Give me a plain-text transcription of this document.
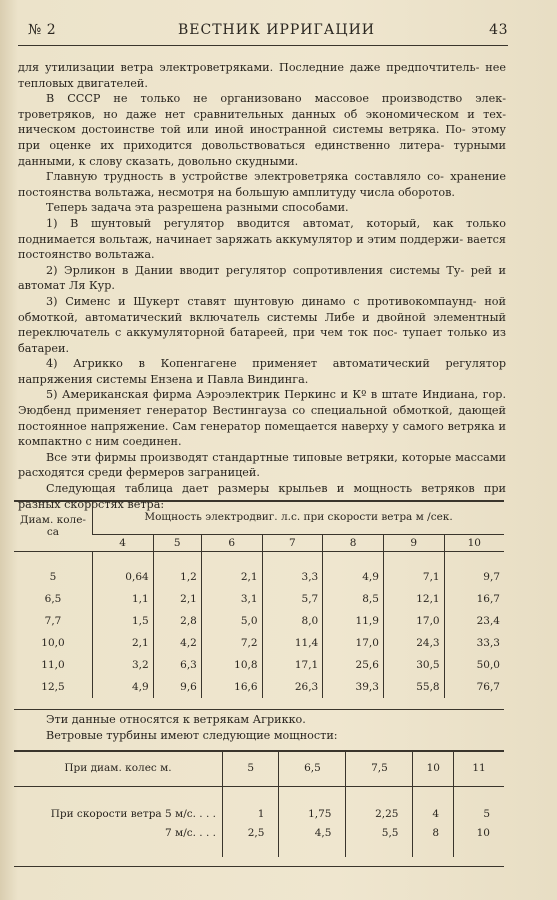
№ 2	ВЕСТНИК ИРРИГАЦИИ	43

для утилизации ветра электроветряками. Последние даже предпочтитель- нее тепловых двигателей.

В СССР не только не организовано массовое производство элек- троветряков, но даже нет сравнительных данных об экономическом и тех- ническом достоинстве той или иной иностранной системы ветряка. По- этому при оценке их приходится довольствоваться единственно литера- турными данными, к слову сказать, довольно скудными.

Главную трудность в устройстве электроветряка составляло со- хранение постоянства вольтажа, несмотря на большую амплитуду числа оборотов.

Теперь задача эта разрешена разными способами.

1) В шунтовый регулятор вводится автомат, который, как только поднимается вольтаж, начинает заряжать аккумулятор и этим поддержи- вается постоянство вольтажа.

2) Эрликон в Дании вводит регулятор сопротивления системы Ту- рей и автомат Ля Кур.

3) Сименс и Шукерт ставят шунтовую динамо с противокомпаунд- ной обмоткой, автоматический включатель системы Либе и двойной элементный переключатель с аккумуляторной батареей, при чем ток пос- тупает только из батареи.

4) Агрикко в Копенгагене применяет автоматический регулятор напряжения системы Ензена и Павла Виндинга.

5) Американская фирма Аэроэлектрик Перкинс и Кº в штате Индиана, гор. Эюдбенд применяет генератор Вестингауза со специальной обмоткой, дающей постоянное напряжение. Сам генератор помещается наверху у самого ветряка и компактно с ним соединен.

Все эти фирмы производят стандартные типовые ветряки, которые массами расходятся среди фермеров заграницей.

Следующая таблица дает размеры крыльев и мощность ветряков при разных скоростях ветра:

Диам. коле- са	Мощность электродвиг. л.с. при скорости ветра м /сек.						
	4	5	6	7	8	9	10
5	0,64	1,2	2,1	3,3	4,9	7,1	9,7
6,5	1,1	2,1	3,1	5,7	8,5	12,1	16,7
7,7	1,5	2,8	5,0	8,0	11,9	17,0	23,4
10,0	2,1	4,2	7,2	11,4	17,0	24,3	33,3
11,0	3,2	6,3	10,8	17,1	25,6	30,5	50,0
12,5	4,9	9,6	16,6	26,3	39,3	55,8	76,7

Эти данные относятся к ветрякам Агрикко.

Ветровые турбины имеют следующие мощности:

При диам. колес м.	5	6,5	7,5	10	11
При скорости ветра 5 м/с. . . .	1	1,75	2,25	4	5
7 м/с. . . .	2,5	4,5	5,5	8	10
